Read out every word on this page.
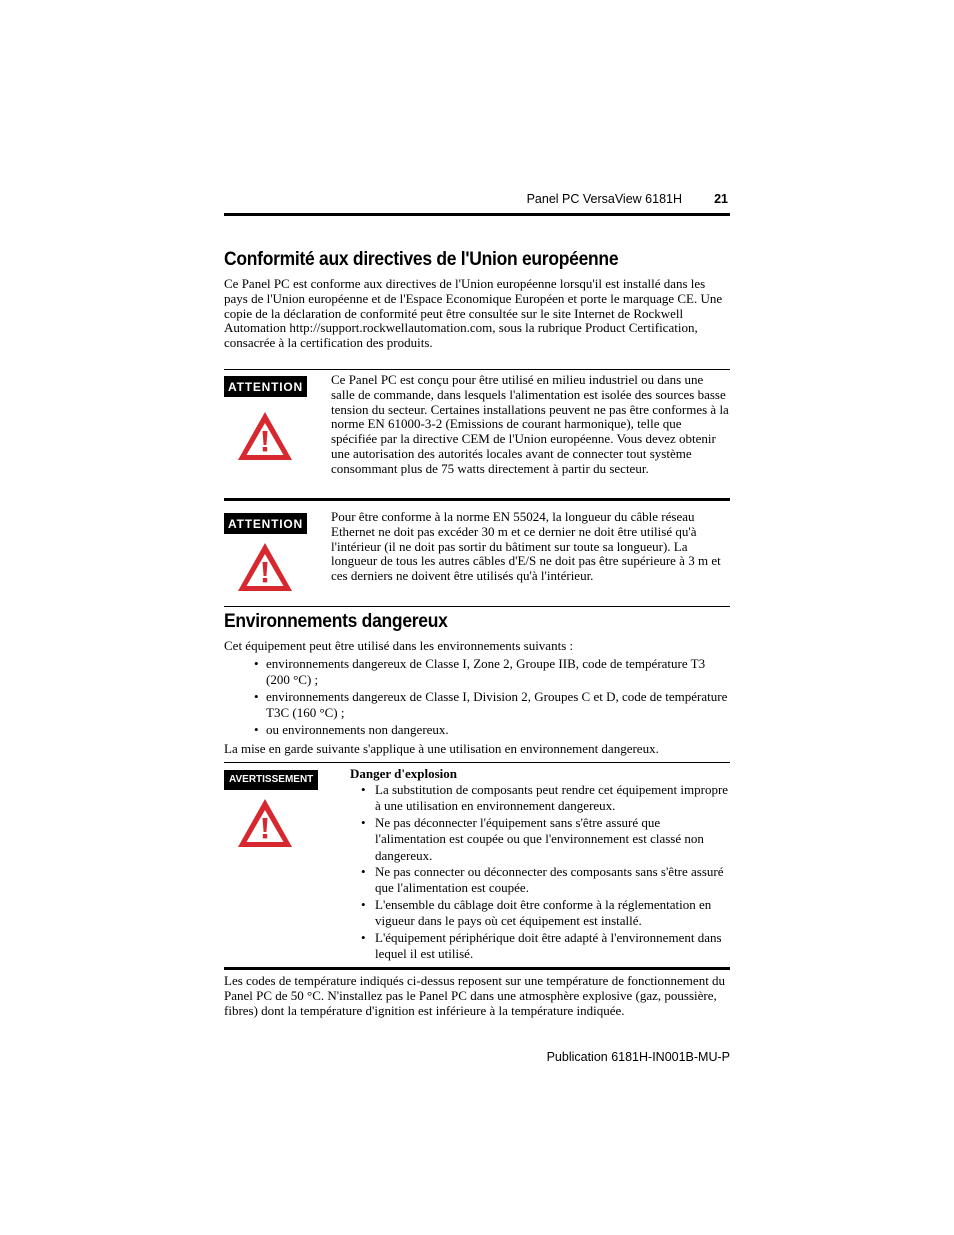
Panel PC VersaView 6181H	21
Conformité aux directives de l'Union européenne
Ce Panel PC est conforme aux directives de l'Union européenne lorsqu'il est installé dans les pays de l'Union européenne et de l'Espace Economique Européen et porte le marquage CE. Une copie de la déclaration de conformité peut être consultée sur le site Internet de Rockwell Automation http://support.rockwellautomation.com, sous la rubrique Product Certification, consacrée à la certification des produits.
ATTENTION	Ce Panel PC est conçu pour être utilisé en milieu industriel ou dans une salle de commande, dans lesquels l'alimentation est isolée des sources basse tension du secteur. Certaines installations peuvent ne pas être conformes à la norme EN 61000-3-2 (Emissions de courant harmonique), telle que spécifiée par la directive CEM de l'Union européenne. Vous devez obtenir une autorisation des autorités locales avant de connecter tout système consommant plus de 75 watts directement à partir du secteur.
ATTENTION	Pour être conforme à la norme EN 55024, la longueur du câble réseau Ethernet ne doit pas excéder 30 m et ce dernier ne doit être utilisé qu'à l'intérieur (il ne doit pas sortir du bâtiment sur toute sa longueur). La longueur de tous les autres câbles d'E/S ne doit pas être supérieure à 3 m et ces derniers ne doivent être utilisés qu'à l'intérieur.
Environnements dangereux
Cet équipement peut être utilisé dans les environnements suivants :
• environnements dangereux de Classe I, Zone 2, Groupe IIB, code de température T3 (200 °C) ;
• environnements dangereux de Classe I, Division 2, Groupes C et D, code de température T3C (160 °C) ;
• ou environnements non dangereux.
La mise en garde suivante s'applique à une utilisation en environnement dangereux.
AVERTISSEMENT	Danger d'explosion
• La substitution de composants peut rendre cet équipement impropre à une utilisation en environnement dangereux.
• Ne pas déconnecter l'équipement sans s'être assuré que l'alimentation est coupée ou que l'environnement est classé non dangereux.
• Ne pas connecter ou déconnecter des composants sans s'être assuré que l'alimentation est coupée.
• L'ensemble du câblage doit être conforme à la réglementation en vigueur dans le pays où cet équipement est installé.
• L'équipement périphérique doit être adapté à l'environnement dans lequel il est utilisé.
Les codes de température indiqués ci-dessus reposent sur une température de fonctionnement du Panel PC de 50 °C. N'installez pas le Panel PC dans une atmosphère explosive (gaz, poussière, fibres) dont la température d'ignition est inférieure à la température indiquée.
Publication 6181H-IN001B-MU-P
